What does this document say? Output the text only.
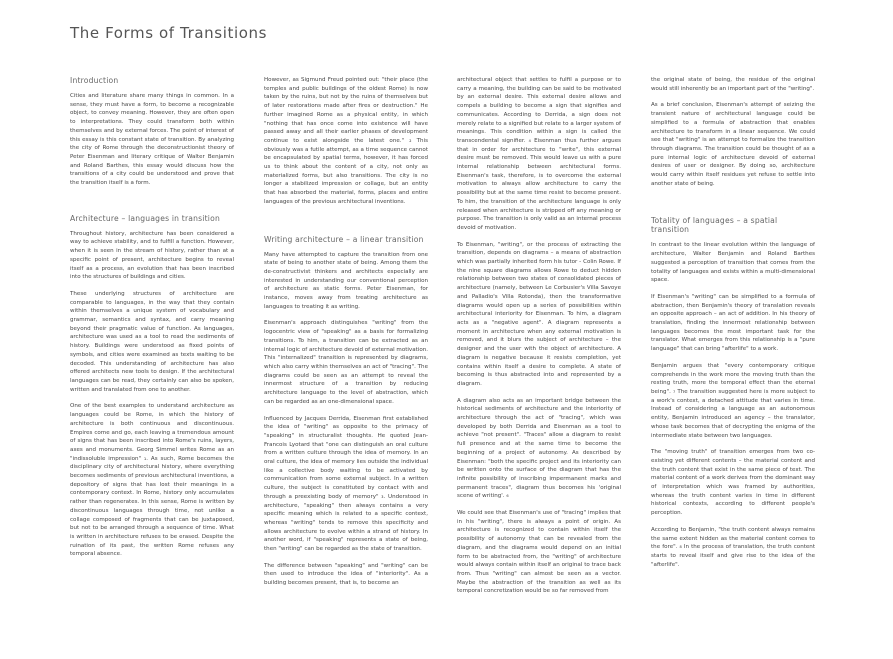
The Forms of Transitions
Introduction

Cities and literature share many things in common. In a sense, they must have a form, to become a recognizable object, to convey meaning. However, they are often open to interpretations. They could transform both within themselves and by external forces. The point of interest of this essay is this constant state of transition. By analyzing the city of Rome through the deconstructionist theory of Peter Eisenman and literary critique of Walter Benjamin and Roland Barthes, this essay would discuss how the transitions of a city could be understood and prove that the transition itself is a form.

Architecture – languages in transition

Throughout history, architecture has been considered a way to achieve stability, and to fulfill a function. However, when it is seen in the stream of history, rather than at a specific point of present, architecture begins to reveal itself as a process, an evolution that has been inscribed into the structures of buildings and cities.

These underlying structures of architecture are comparable to languages, in the way that they contain within themselves a unique system of vocabulary and grammar, semantics and syntax, and carry meaning beyond their pragmatic value of function. As languages, architecture was used as a tool to read the sediments of history. Buildings were understood as fixed points of symbols, and cities were examined as texts waiting to be decoded. This understanding of architecture has also offered architects new tools to design. If the architectural languages can be read, they certainly can also be spoken, written and translated from one to another.

One of the best examples to understand architecture as languages could be Rome, in which the history of architecture is both continuous and discontinuous. Empires come and go, each leaving a tremendous amount of signs that has been inscribed into Rome's ruins, layers, axes and monuments. Georg Simmel writes Rome as an "indissoluble impression" ₁. As such, Rome becomes the disciplinary city of architectural history, where everything becomes sediments of previous architectural inventions, a depository of signs that has lost their meanings in a contemporary context. In Rome, history only accumulates rather than regenerates. In this sense, Rome is written by discontinuous languages through time, not unlike a collage composed of fragments that can be juxtaposed, but not to be arranged through a sequence of time. What is written in architecture refuses to be erased. Despite the ruination of its past, the written Rome refuses any temporal absence.

However, as Sigmund Freud pointed out: "their place (the temples and public buildings of the oldest Rome) is now taken by the ruins, but not by the ruins of themselves but of later restorations made after fires or destruction." He further imagined Rome as a physical entity, in which "nothing that has once come into existence will have passed away and all their earlier phases of development continue to exist alongside the latest one." ₂ This obviously was a futile attempt, as a time sequence cannot be encapsulated by spatial terms, however, it has forced us to think about the content of a city, not only as materialized forms, but also transitions. The city is no longer a stabilized impression or collage, but an entity that has absorbed the material, forms, places and entire languages of the previous architectural inventions.

Writing architecture – a linear transition

Many have attempted to capture the transition from one state of being to another state of being. Among them the de-constructivist thinkers and architects especially are interested in understanding our conventional perception of architecture as static forms. Peter Eisenman, for instance, moves away from treating architecture as languages to treating it as writing.

Eisenman's approach distinguishes "writing" from the logocentric view of "speaking" as a basis for formalizing transitions. To him, a transition can be extracted as an internal logic of architecture devoid of external motivation. This "internalized" transition is represented by diagrams, which also carry within themselves an act of "tracing". The diagrams could be seen as an attempt to reveal the innermost structure of a transition by reducing architecture language to the level of abstraction, which can be regarded as an one-dimensional space.

Influenced by Jacques Derrida, Eisenman first established the idea of "writing" as opposite to the primacy of "speaking" in structuralist thoughts. He quoted Jean-Francois Lyotard that "one can distinguish an oral culture from a written culture through the idea of memory. In an oral culture, the idea of memory lies outside the individual like a collective body waiting to be activated by communication from some external subject. In a written culture, the subject is constituted by contact with and through a preexisting body of memory" ₃. Understood in architecture, "speaking" then always contains a very specific meaning which is related to a specific context, whereas "writing" tends to remove this specificity and allows architecture to evolve within a strand of history. In another word, if "speaking" represents a state of being, then "writing" can be regarded as the state of transition.

The difference between "speaking" and "writing" can be then used to introduce the idea of "interiority". As a building becomes present, that is, to become an

architectural object that settles to fulfil a purpose or to carry a meaning, the building can be said to be motivated by an external desire. This external desire allows and compels a building to become a sign that signifies and communicates. According to Derrida, a sign does not merely relate to a signified but relate to a larger system of meanings. This condition within a sign is called the transcendental signifier. ₄ Eisenman thus further argues that in order for architecture to "write", this external desire must be removed. This would leave us with a pure internal relationship between architectural forms. Eisenman's task, therefore, is to overcome the external motivation to always allow architecture to carry the possibility but at the same time resist to become present. To him, the transition of the architecture language is only released when architecture is stripped off any meaning or purpose. The transition is only valid as an internal process devoid of motivation.

To Eisenman, "writing", or the process of extracting the transition, depends on diagrams – a means of abstraction which was partially inherited form his tutor - Colin Rowe. If the nine square diagrams allows Rowe to deduct hidden relationship between two states of consolidated pieces of architecture (namely, between Le Corbusier's Villa Savoye and Palladio's Villa Rotonda), then the transformative diagrams would open up a series of possibilities within architectural interiority for Eisenman. To him, a diagram acts as a "negative agent". A diagram represents a moment in architecture when any external motivation is removed, and it blurs the subject of architecture – the designer and the user with the object of architecture. A diagram is negative because it resists completion, yet contains within itself a desire to complete. A state of becoming is thus abstracted into and represented by a diagram.

A diagram also acts as an important bridge between the historical sediments of architecture and the interiority of architecture through the act of "tracing", which was developed by both Derrida and Eisenman as a tool to achieve "not present". "Traces" allow a diagram to resist full presence and at the same time to become the beginning of a project of autonomy. As described by Eisenman: "both the specific project and its interiority can be written onto the surface of the diagram that has the infinite possibility of inscribing impermanent marks and permanent traces", diagram thus becomes his 'original scene of writing'. ₆

We could see that Eisenman's use of "tracing" implies that in his "writing", there is always a point of origin. As architecture is recognized to contain within itself the possibility of autonomy that can be revealed from the diagram, and the diagrams would depend on an initial form to be abstracted from, the "writing" of architecture would always contain within itself an original to trace back from. Thus "writing" can almost be seen as a vector. Maybe the abstraction of the transition as well as its temporal concretization would be so far removed from

the original state of being, the residue of the original would still inherently be an important part of the "writing".

As a brief conclusion, Eisenman's attempt of seizing the transient nature of architectural language could be simplified to a formula of abstraction that enables architecture to transform in a linear sequence. We could see that "writing" is an attempt to formalize the transition through diagrams. The transition could be thought of as a pure internal logic of architecture devoid of external desires of user or designer. By doing so, architecture would carry within itself residues yet refuse to settle into another state of being.

Totality of languages – a spatial transition

In contrast to the linear evolution within the language of architecture, Walter Benjamin and Roland Barthes suggested a perception of transition that comes from the totality of languages and exists within a multi-dimensional space.

If Eisenman's "writing" can be simplified to a formula of abstraction, then Benjamin's theory of translation reveals an opposite approach – an act of addition. In his theory of translation, finding the innermost relationship between languages becomes the most important task for the translator. What emerges from this relationship is a "pure language" that can bring "afterlife" to a work.

Benjamin argues that "every contemporary critique comprehends in the work more the moving truth than the resting truth, more the temporal effect than the eternal being". ₇ The transition suggested here is more subject to a work's context, a detached attitude that varies in time. Instead of considering a language as an autonomous entity, Benjamin introduced an agency – the translator, whose task becomes that of decrypting the enigma of the intermediate state between two languages.

The "moving truth" of transition emerges from two co-existing yet different contents – the material content and the truth content that exist in the same piece of text. The material content of a work derives from the dominant way of interpretation which was framed by authorities, whereas the truth content varies in time in different historical contexts, according to different people's perception.

According to Benjamin, "the truth content always remains the same extent hidden as the material content comes to the fore". ₈ In the process of translation, the truth content starts to reveal itself and give rise to the idea of the "afterlife".
